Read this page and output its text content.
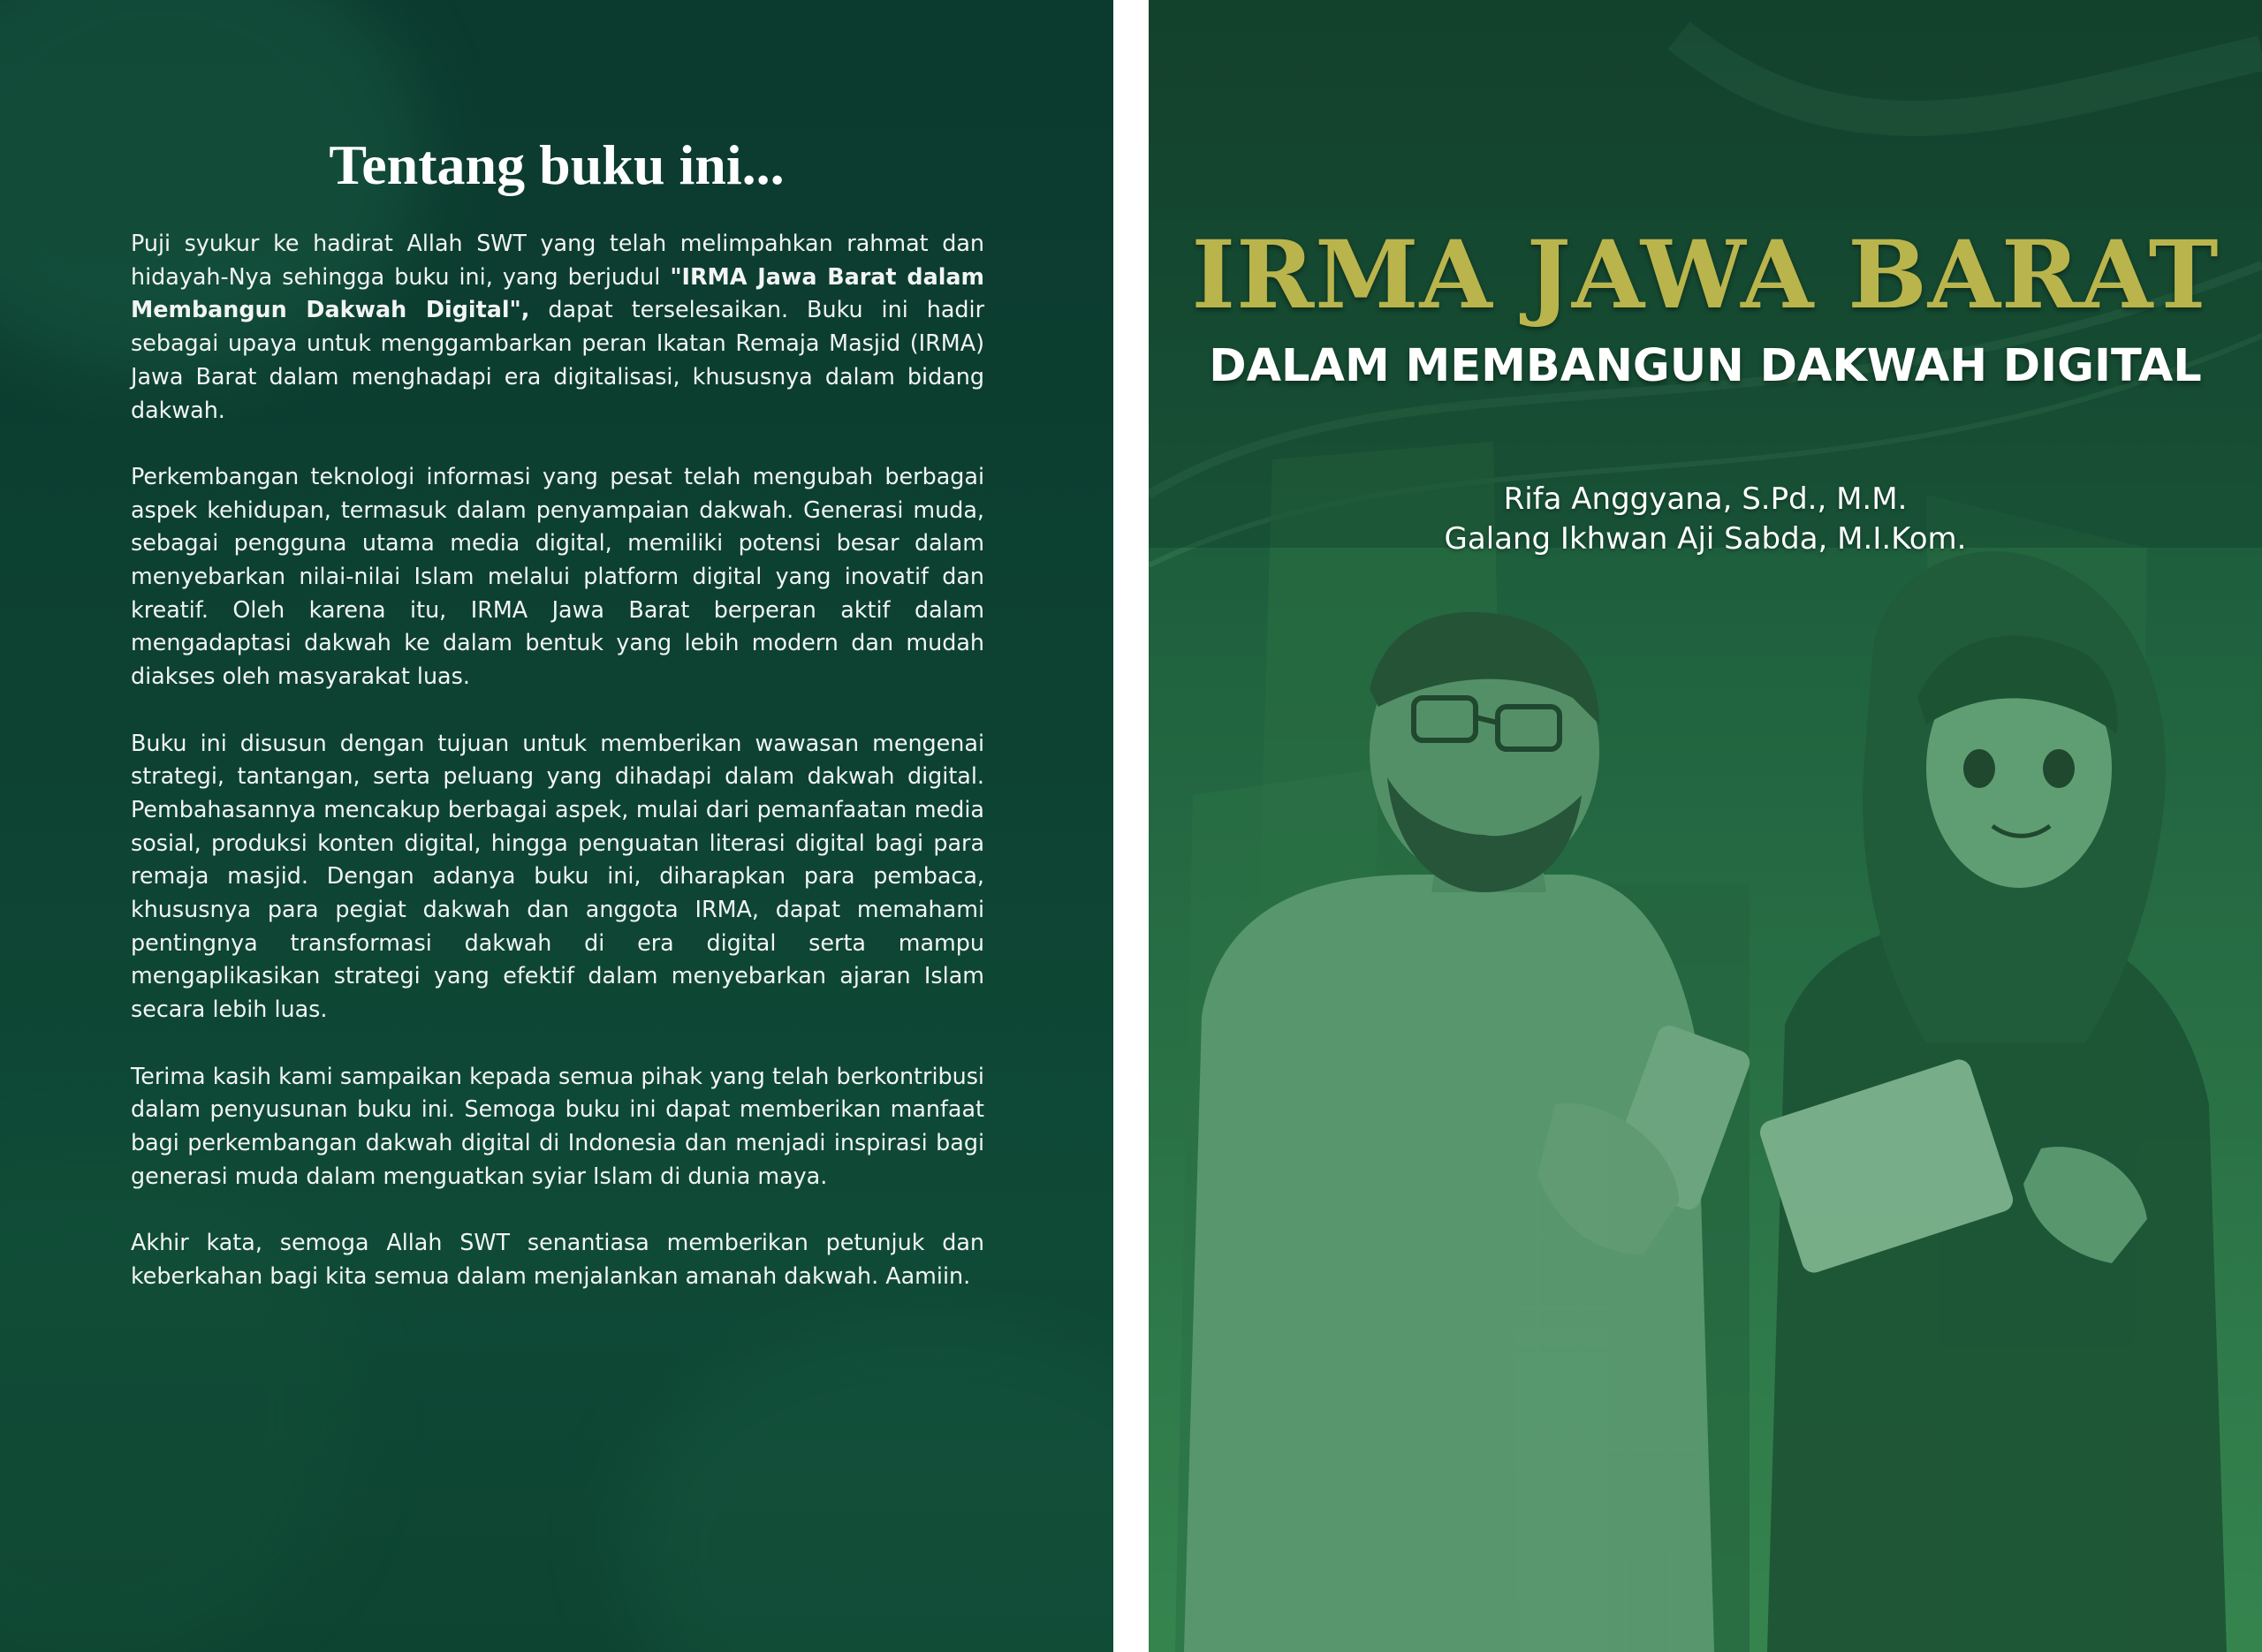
Tentang buku ini...

Puji syukur ke hadirat Allah SWT yang telah melimpahkan rahmat dan hidayah-Nya sehingga buku ini, yang berjudul "IRMA Jawa Barat dalam Membangun Dakwah Digital", dapat terselesaikan. Buku ini hadir sebagai upaya untuk menggambarkan peran Ikatan Remaja Masjid (IRMA) Jawa Barat dalam menghadapi era digitalisasi, khususnya dalam bidang dakwah.

Perkembangan teknologi informasi yang pesat telah mengubah berbagai aspek kehidupan, termasuk dalam penyampaian dakwah. Generasi muda, sebagai pengguna utama media digital, memiliki potensi besar dalam menyebarkan nilai-nilai Islam melalui platform digital yang inovatif dan kreatif. Oleh karena itu, IRMA Jawa Barat berperan aktif dalam mengadaptasi dakwah ke dalam bentuk yang lebih modern dan mudah diakses oleh masyarakat luas.

Buku ini disusun dengan tujuan untuk memberikan wawasan mengenai strategi, tantangan, serta peluang yang dihadapi dalam dakwah digital. Pembahasannya mencakup berbagai aspek, mulai dari pemanfaatan media sosial, produksi konten digital, hingga penguatan literasi digital bagi para remaja masjid. Dengan adanya buku ini, diharapkan para pembaca, khususnya para pegiat dakwah dan anggota IRMA, dapat memahami pentingnya transformasi dakwah di era digital serta mampu mengaplikasikan strategi yang efektif dalam menyebarkan ajaran Islam secara lebih luas.

Terima kasih kami sampaikan kepada semua pihak yang telah berkontribusi dalam penyusunan buku ini. Semoga buku ini dapat memberikan manfaat bagi perkembangan dakwah digital di Indonesia dan menjadi inspirasi bagi generasi muda dalam menguatkan syiar Islam di dunia maya.

Akhir kata, semoga Allah SWT senantiasa memberikan petunjuk dan keberkahan bagi kita semua dalam menjalankan amanah dakwah. Aamiin.

IRMA JAWA BARAT
DALAM MEMBANGUN DAKWAH DIGITAL
Rifa Anggyana, S.Pd., M.M.
Galang Ikhwan Aji Sabda, M.I.Kom.
